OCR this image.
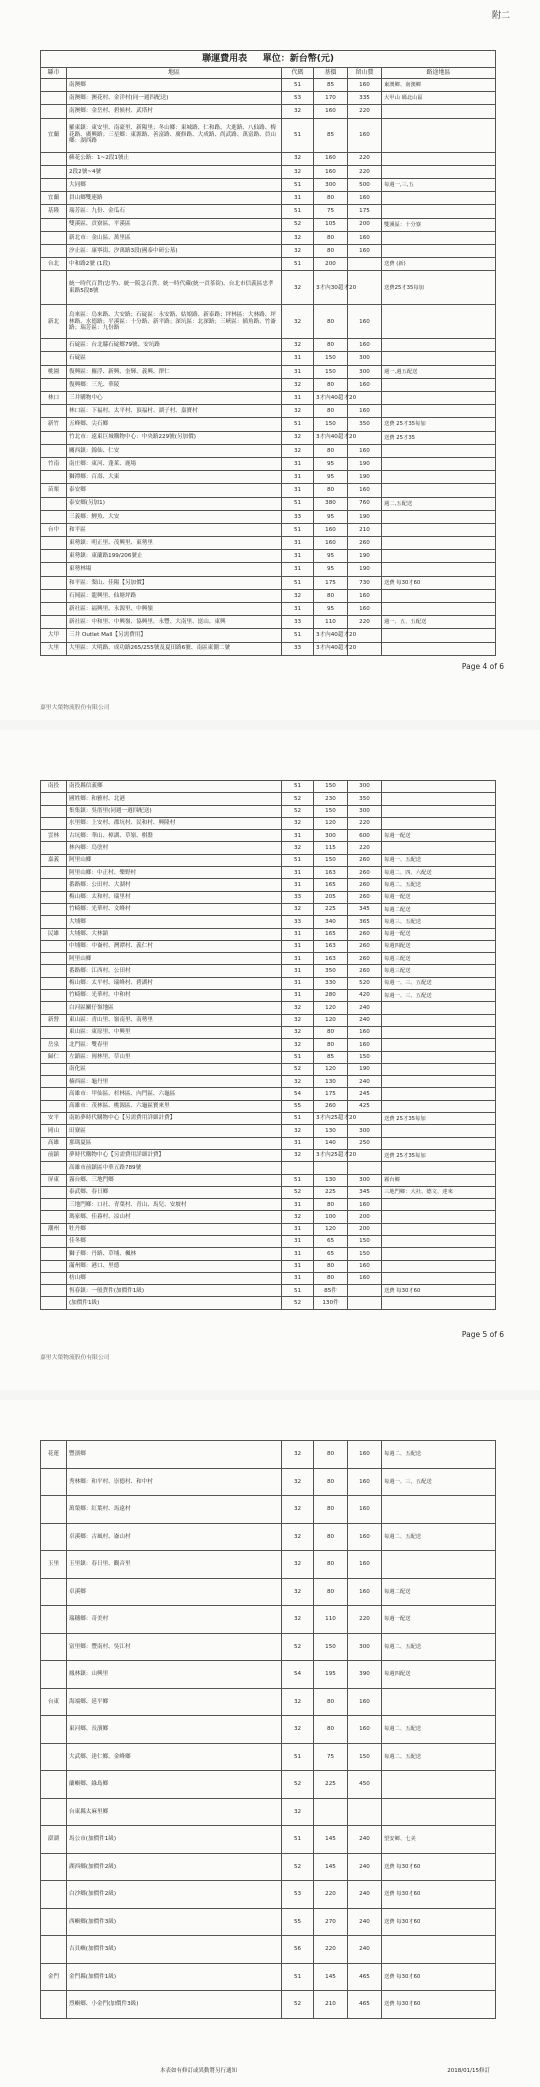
附二
聯運費用表 單位：新台幣(元)					
縣市	地區	代碼	基價	留山費	路途地區
	南澳鄉	51	85	160	東澳鄉、南澳鄉
	南澳鄉：澳花村、金洋村(同一週四配送)	53	170	335	大甲山 碼北山區
	南澳鄉：金岳村、碧候村、武塔村	32	160	220	
宜蘭	羅東鎮：東安里、南豪里、新陽里；冬山鄉：東城路、仁和路、大進路、八仙路、梅花路、廣興路；三星鄉：東源路、善富路、廣修路、大成路、尚武路、萬富路、員山鄉：湖西路	51	85	160	
	蘇花公路：1~2段1號止	32	160	220	
	2段2號~4號	32	160	220	
	大同鄉	51	300	500	每週一,三,五
宜蘭	員山鄉雙連路	31	80	160	
基隆	瑞芳區：九份、金瓜石	51	75	175	
	雙溪區、貢寮區、平溪區	52	105	200	雙溪區：十分寮
	新北市：金山區、萬里區	32	80	160	
	汐止區：康寧街、汐萬路3段(國泰中研公墓)	32	80	160	
台北	中和路2號 (1段)	51	200		送費 (新)
	統一時代百貨(忠孝)、統一阪急百貨、統一時代藏(統一貢茶街)、台北市信義區忠孝東路5段8號	32	3才內30超才20		送費25才35每加
新北	烏來區：烏來路、大安路；石碇區：永安路、姑娘路、新泰路；坪林區：大林路、坪林路、水德路；平溪區：十分路、新平路；深坑區：北深路；三峽區：插角路、竹崙路；瑞芳區：九份路	32	80	160	
	石碇區：台北縣石碇鄉79號、安坑路	32	80	160	
	石碇區	31	150	300	
桃園	復興區：羅浮、新興、奎輝、義興、澤仁	31	150	300	週一,週五配送
	復興鄉：三光、華陵	32	80	160	
林口	三井購物中心	31	3才內40超才20		
	林口區：下福村、太平村、頂福村、湖子村、嘉寶村	32	80	160	
新竹	五峰鄉、尖石鄉	51	150	350	送費 25才35每加
	竹北市：遠東巨城購物中心：中央路229號(另加價)	32	3才內40超才20		送費 25才35
	關西鎮：錦仙、仁安	32	80	160	
竹南	南庄鄉：東河、蓬萊、鹿場	31	95	190	
	獅潭鄉：百壽、大東	31	95	190	
苗栗	泰安鄉	31	80	160	
	泰安鄉(另加1)	51	380	760	週二,五配送
	三義鄉：鯉魚、大安	33	95	190	
台中	和平區	51	160	210	
	東勢鎮：明正里、茂興里、東勢里	31	160	260	
	東勢鎮：東蘭路199/206號止	31	95	190	
	東勢林場	31	95	190	
	和平區：梨山、佳陽【另加價】	51	175	730	送費 每30才60
	石岡區：龍興里、仙塘坪路	32	80	160	
	新社區：福興里、永源里、中興嶺	31	95	160	
	新社區：中和里、中興嶺、協興里、永豐、大南里、崑山、東興	33	110	220	週一、五、五配送
大甲	三井 Outlet Mall【另需費用】	51	3才內40超才20		
大里	大里區：大明路、成功路265/255號及夏田路6號、南區東側二號	33	3才內40超才20		
Page 4 of 6
嘉里大榮物流股份有限公司
南投	南投縣信義鄉	51	150	300	
	國姓鄉：和雅村、北港	52	230	350	
	集集鎮：吳厝里(同週一週四配送)	52	150	300	
	水里鄉：上安村、郡坑村、民和村、興隆村	32	120	220	
雲林	古坑鄉：華山、樟湖、草嶺、棋盤	31	300	600	每週一配送
	林內鄉：烏塗村	32	115	220	
嘉義	阿里山鄉	51	150	260	每週一、五配送
	阿里山鄉：中正村、樂野村	31	163	260	每週二、四、六配送
	番路鄉：公田村、大湖村	31	165	260	每週二、五配送
	梅山鄉：太和村、瑞里村	33	205	260	每週一配送
	竹崎鄉：光華村、文峰村	32	225	345	每週二配送
	大埔鄉	33	340	365	每週三、五配送
民雄	大埔鄉、大林鎮	31	165	260	每週一配送
	中埔鄉：中崙村、灣潭村、義仁村	31	163	260	每週四配送
	阿里山鄉	31	163	260	每週三配送
	番路鄉：江西村、公田村	31	350	260	每週三配送
	梅山鄉：太平村、瑞峰村、碧湖村	31	330	520	每週一、三、五配送
	竹崎鄉：光華村、中和村	31	280	420	每週一、三、五配送
	白河區關仔嶺地區	32	120	240	
新營	東山區：青山里、嶺南里、南勢里	32	120	240	
	東山區：東原里、中興里	32	80	160	
岳泉	北門區：雙春里	32	80	160	
歸仁	左鎮區：岡林里、草山里	51	85	150	
	南化區	52	120	190	
	楠西區：龜丹里	32	130	240	
	高雄市：甲仙區、杉林區、內門區、六龜區	54	175	245	
	高雄市：茂林區、桃源區、六龜區寶來里	55	260	425	
安平	南紡夢時代購物中心【另需費用詳細計費】	51	3才內25超才20		送費 25才35每加
岡山	田寮區	32	130	300	
高雄	那瑪夏區	31	140	250	
前鎮	夢時代購物中心【另需費用詳細計費】	32	3才內25超才20		送費 25才35每加
	高雄市前鎮區中華五路789號				
屏東	霧台鄉、三地門鄉	51	130	300	霧台鄉
	泰武鄉、春日鄉	52	225	345	三地門鄉：大社、德文、達來
	三地門鄉：口社、青葉村、青山、馬兒、安坡村	31	80	160	
	瑪家鄉、佳暮村、凉山村	32	100	200	
潮州	牡丹鄉	31	120	200	
	佳冬鄉	31	65	150	
	獅子鄉：丹路、草埔、楓林	31	65	150	
	滿州鄉：港口、里德	31	80	160	
	枋山鄉	31	80	160	
	恆春鎮：一般貨件(加價件1級)	51	85件		送費 每30才60
	(加價件1級)	52	130件		
Page 5 of 6
嘉里大榮物流股份有限公司
花蓮	豐濱鄉	32	80	160	每週二、五配送
	秀林鄉：和平村、崇德村、和中村	32	80	160	每週一、三、五配送
	萬榮鄉：紅葉村、馬遠村	32	80	160	
	卓溪鄉：古風村、崙山村	32	80	160	每週二、五配送
玉里	玉里鎮：春日里、觀音里	32	80	160	
	卓溪鄉	32	80	160	每週二配送
	瑞穗鄉：奇美村	32	110	220	每週一配送
	富里鄉：豐南村、吳江村	52	150	300	每週二、五配送
	鳳林鎮：山興里	54	195	390	每週四配送
台東	海端鄉、延平鄉	32	80	160	
	東河鄉、長濱鄉	32	80	160	每週二、五配送
	大武鄉、達仁鄉、金峰鄉	51	75	150	每週二、五配送
	蘭嶼鄉、綠島鄉	52	225	450	
	台東縣太麻里鄉	32			
澎湖	馬公市(加價件1級)	51	145	240	望安鄉、七美
	湖西鄉(加價件2級)	52	145	240	送費 每30才60
	白沙鄉(加價件2級)	53	220	240	送費 每30才60
	西嶼鄉(加價件3級)	55	270	240	送費 每30才60
	吉貝嶼(加價件3級)	56	220	240	
金門	金門縣(加價件1級)	51	145	465	送費 每30才60
	烈嶼鄉、小金門(加價件3級)	52	210	465	送費 每30才60
本表如有修訂或異動將另行通知	2018/01/15修訂
